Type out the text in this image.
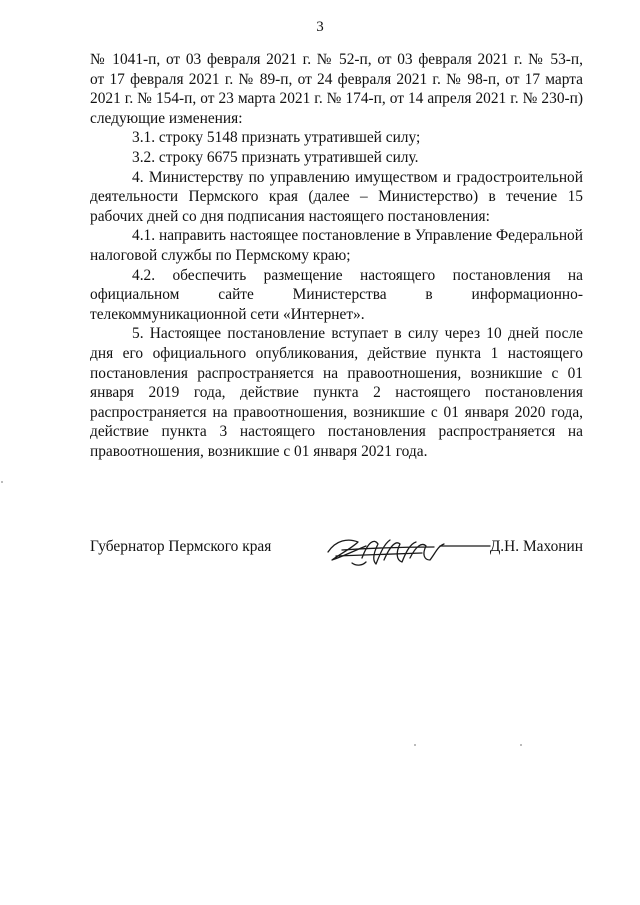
3

№ 1041-п, от 03 февраля 2021 г. № 52-п, от 03 февраля 2021 г. № 53-п,
от 17 февраля 2021 г. № 89-п, от 24 февраля 2021 г. № 98-п, от 17 марта
2021 г. № 154-п, от 23 марта 2021 г. № 174-п, от 14 апреля 2021 г. № 230-п)
следующие изменения:

3.1. строку 5148 признать утратившей силу;

3.2. строку 6675 признать утратившей силу.

4. Министерству по управлению имуществом и градостроительной деятельности Пермского края (далее – Министерство) в течение 15 рабочих дней со дня подписания настоящего постановления:

4.1. направить настоящее постановление в Управление Федеральной налоговой службы по Пермскому краю;

4.2. обеспечить размещение настоящего постановления на официальном сайте Министерства в информационно-телекоммуникационной сети «Интернет».

5. Настоящее постановление вступает в силу через 10 дней после дня его официального опубликования, действие пункта 1 настоящего постановления распространяется на правоотношения, возникшие с 01 января 2019 года, действие пункта 2 настоящего постановления распространяется на правоотношения, возникшие с 01 января 2020 года, действие пункта 3 настоящего постановления распространяется на правоотношения, возникшие с 01 января 2021 года.

Губернатор Пермского края	Д.Н. Махонин
